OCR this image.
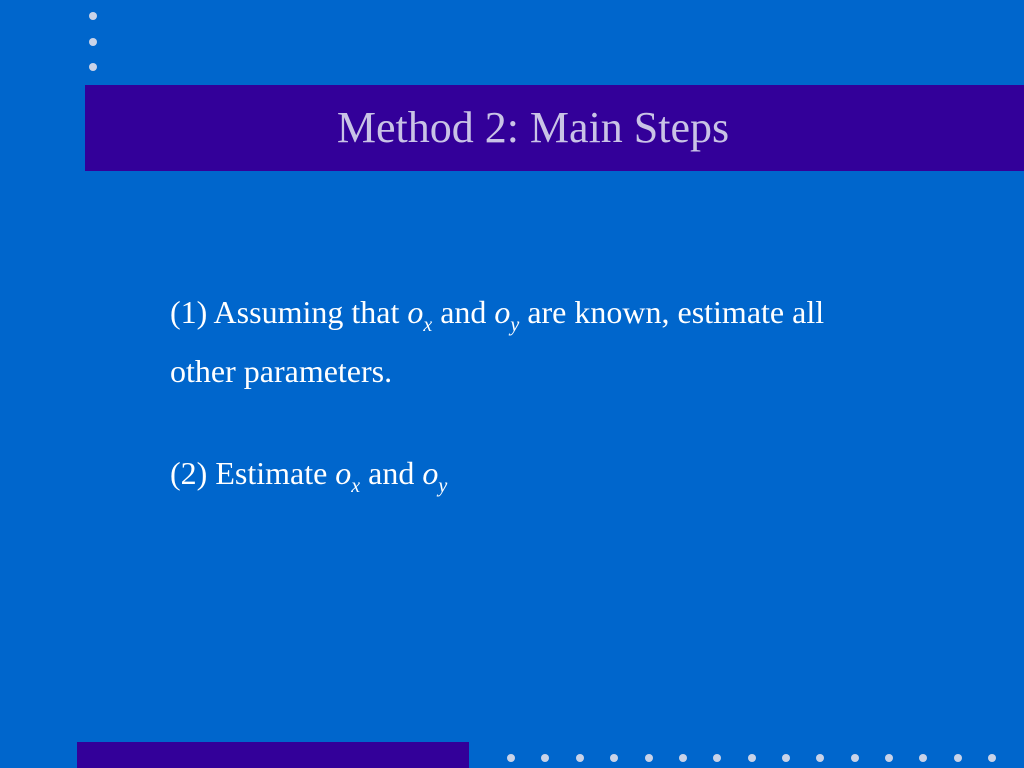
Method 2: Main Steps
(1) Assuming that $o_x$ and $o_y$ are known, estimate all other parameters.
(2) Estimate $o_x$ and $o_y$
